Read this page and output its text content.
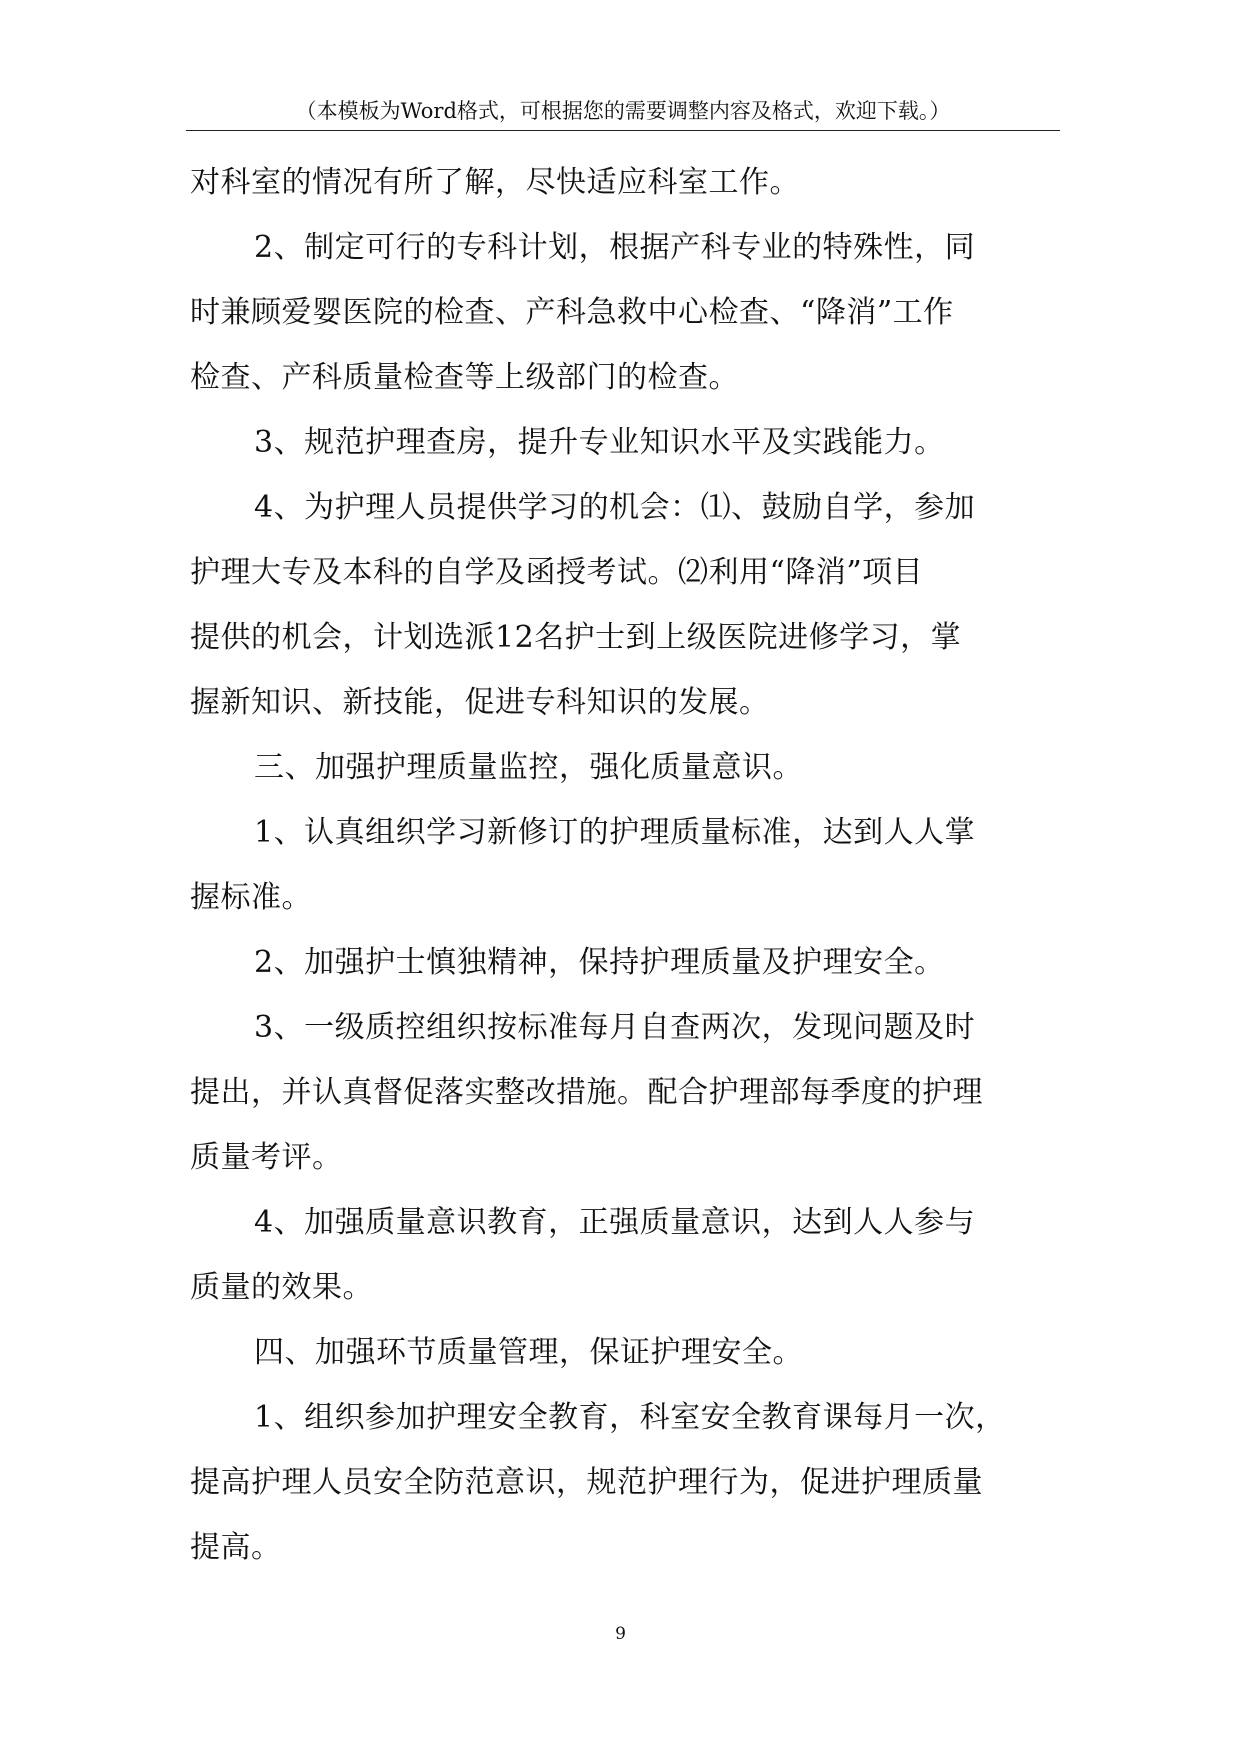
（本模板为Word格式，可根据您的需要调整内容及格式，欢迎下载。）
对科室的情况有所了解，尽快适应科室工作。
2、制定可行的专科计划，根据产科专业的特殊性，同
时兼顾爱婴医院的检查、产科急救中心检查、“降消”工作
检查、产科质量检查等上级部门的检查。
3、规范护理查房，提升专业知识水平及实践能力。
4、为护理人员提供学习的机会：⑴、鼓励自学，参加
护理大专及本科的自学及函授考试。⑵利用“降消”项目
提供的机会，计划选派12名护士到上级医院进修学习，掌
握新知识、新技能，促进专科知识的发展。
三、加强护理质量监控，强化质量意识。
1、认真组织学习新修订的护理质量标准，达到人人掌
握标准。
2、加强护士慎独精神，保持护理质量及护理安全。
3、一级质控组织按标准每月自查两次，发现问题及时
提出，并认真督促落实整改措施。配合护理部每季度的护理
质量考评。
4、加强质量意识教育，正强质量意识，达到人人参与
质量的效果。
四、加强环节质量管理，保证护理安全。
1、组织参加护理安全教育，科室安全教育课每月一次，
提高护理人员安全防范意识，规范护理行为，促进护理质量
提高。
9
